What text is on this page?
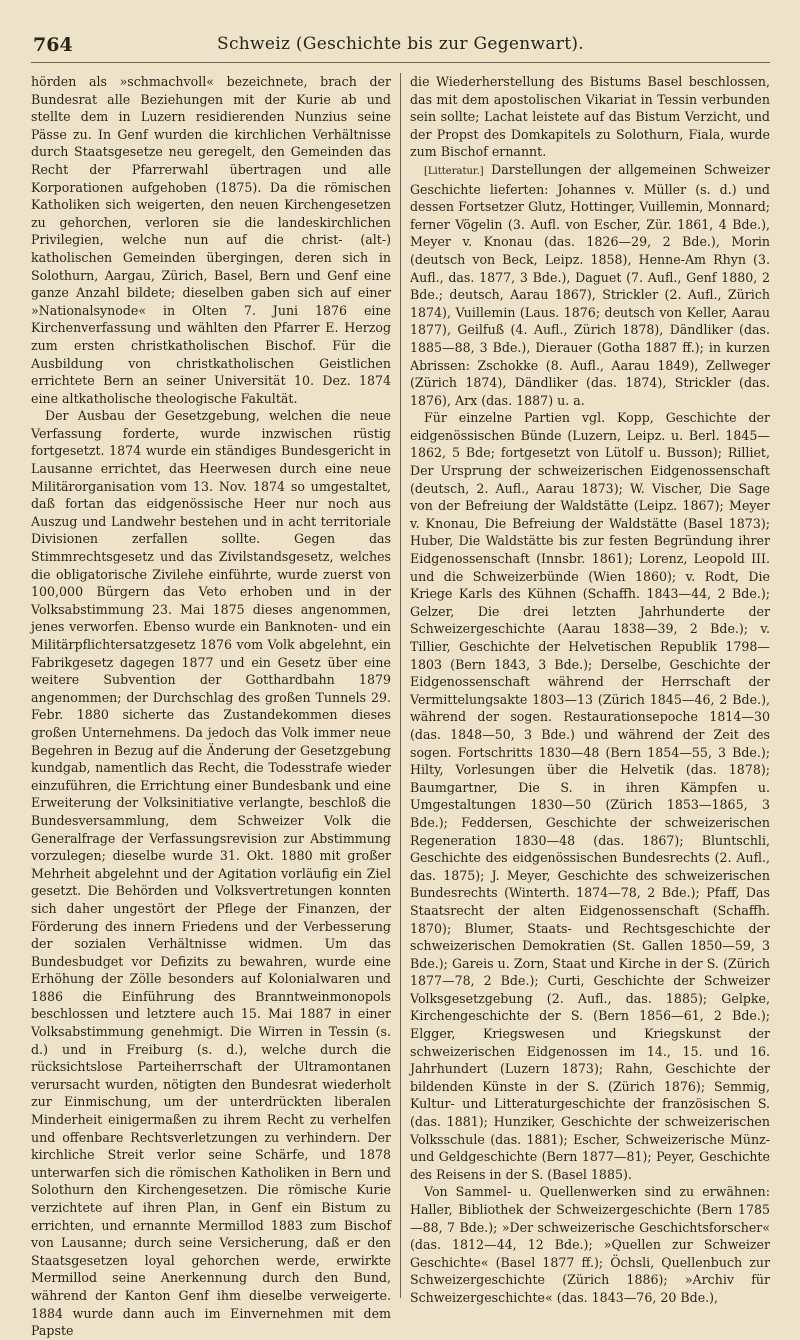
764	Schweiz (Geschichte bis zur Gegenwart).

hörden als »schmachvoll« bezeichnete, brach der Bundesrat alle Beziehungen mit der Kurie ab und stellte dem in Luzern residierenden Nunzius seine Pässe zu. In Genf wurden die kirchlichen Verhältnisse durch Staatsgesetze neu geregelt, den Gemeinden das Recht der Pfarrerwahl übertragen und alle Korporationen aufgehoben (1875). Da die römischen Katholiken sich weigerten, den neuen Kirchengesetzen zu gehorchen, verloren sie die landeskirchlichen Privilegien, welche nun auf die christ- (alt-) katholischen Gemeinden übergingen, deren sich in Solothurn, Aargau, Zürich, Basel, Bern und Genf eine ganze Anzahl bildete; dieselben gaben sich auf einer »Nationalsynode« in Olten 7. Juni 1876 eine Kirchenverfassung und wählten den Pfarrer E. Herzog zum ersten christkatholischen Bischof. Für die Ausbildung von christkatholischen Geistlichen errichtete Bern an seiner Universität 10. Dez. 1874 eine altkatholische theologische Fakultät.

Der Ausbau der Gesetzgebung, welchen die neue Verfassung forderte, wurde inzwischen rüstig fortgesetzt. 1874 wurde ein ständiges Bundesgericht in Lausanne errichtet, das Heerwesen durch eine neue Militärorganisation vom 13. Nov. 1874 so umgestaltet, daß fortan das eidgenössische Heer nur noch aus Auszug und Landwehr bestehen und in acht territoriale Divisionen zerfallen sollte. Gegen das Stimmrechtsgesetz und das Zivilstandsgesetz, welches die obligatorische Zivilehe einführte, wurde zuerst von 100,000 Bürgern das Veto erhoben und in der Volksabstimmung 23. Mai 1875 dieses angenommen, jenes verworfen. Ebenso wurde ein Banknoten- und ein Militärpflichtersatzgesetz 1876 vom Volk abgelehnt, ein Fabrikgesetz dagegen 1877 und ein Gesetz über eine weitere Subvention der Gotthardbahn 1879 angenommen; der Durchschlag des großen Tunnels 29. Febr. 1880 sicherte das Zustandekommen dieses großen Unternehmens. Da jedoch das Volk immer neue Begehren in Bezug auf die Änderung der Gesetzgebung kundgab, namentlich das Recht, die Todesstrafe wieder einzuführen, die Errichtung einer Bundesbank und eine Erweiterung der Volksinitiative verlangte, beschloß die Bundesversammlung, dem Schweizer Volk die Generalfrage der Verfassungsrevision zur Abstimmung vorzulegen; dieselbe wurde 31. Okt. 1880 mit großer Mehrheit abgelehnt und der Agitation vorläufig ein Ziel gesetzt. Die Behörden und Volksvertretungen konnten sich daher ungestört der Pflege der Finanzen, der Förderung des innern Friedens und der Verbesserung der sozialen Verhältnisse widmen. Um das Bundesbudget vor Defizits zu bewahren, wurde eine Erhöhung der Zölle besonders auf Kolonialwaren und 1886 die Einführung des Branntweinmonopols beschlossen und letztere auch 15. Mai 1887 in einer Volksabstimmung genehmigt. Die Wirren in Tessin (s. d.) und in Freiburg (s. d.), welche durch die rücksichtslose Parteiherrschaft der Ultramontanen verursacht wurden, nötigten den Bundesrat wiederholt zur Einmischung, um der unterdrückten liberalen Minderheit einigermaßen zu ihrem Recht zu verhelfen und offenbare Rechtsverletzungen zu verhindern. Der kirchliche Streit verlor seine Schärfe, und 1878 unterwarfen sich die römischen Katholiken in Bern und Solothurn den Kirchengesetzen. Die römische Kurie verzichtete auf ihren Plan, in Genf ein Bistum zu errichten, und ernannte Mermillod 1883 zum Bischof von Lausanne; durch seine Versicherung, daß er den Staatsgesetzen loyal gehorchen werde, erwirkte Mermillod seine Anerkennung durch den Bund, während der Kanton Genf ihm dieselbe verweigerte. 1884 wurde dann auch im Einvernehmen mit dem Papste

die Wiederherstellung des Bistums Basel beschlossen, das mit dem apostolischen Vikariat in Tessin verbunden sein sollte; Lachat leistete auf das Bistum Verzicht, und der Propst des Domkapitels zu Solothurn, Fiala, wurde zum Bischof ernannt.

[Litteratur.] Darstellungen der allgemeinen Schweizer Geschichte lieferten: Johannes v. Müller (s. d.) und dessen Fortsetzer Glutz, Hottinger, Vuillemin, Monnard; ferner Vögelin (3. Aufl. von Escher, Zür. 1861, 4 Bde.), Meyer v. Knonau (das. 1826—29, 2 Bde.), Morin (deutsch von Beck, Leipz. 1858), Henne-Am Rhyn (3. Aufl., das. 1877, 3 Bde.), Daguet (7. Aufl., Genf 1880, 2 Bde.; deutsch, Aarau 1867), Strickler (2. Aufl., Zürich 1874), Vuillemin (Laus. 1876; deutsch von Keller, Aarau 1877), Geilfuß (4. Aufl., Zürich 1878), Dändliker (das. 1885—88, 3 Bde.), Dierauer (Gotha 1887 ff.); in kurzen Abrissen: Zschokke (8. Aufl., Aarau 1849), Zellweger (Zürich 1874), Dändliker (das. 1874), Strickler (das. 1876), Arx (das. 1887) u. a.

Für einzelne Partien vgl. Kopp, Geschichte der eidgenössischen Bünde (Luzern, Leipz. u. Berl. 1845—1862, 5 Bde; fortgesetzt von Lütolf u. Busson); Rilliet, Der Ursprung der schweizerischen Eidgenossenschaft (deutsch, 2. Aufl., Aarau 1873); W. Vischer, Die Sage von der Befreiung der Waldstätte (Leipz. 1867); Meyer v. Knonau, Die Befreiung der Waldstätte (Basel 1873); Huber, Die Waldstätte bis zur festen Begründung ihrer Eidgenossenschaft (Innsbr. 1861); Lorenz, Leopold III. und die Schweizerbünde (Wien 1860); v. Rodt, Die Kriege Karls des Kühnen (Schaffh. 1843—44, 2 Bde.); Gelzer, Die drei letzten Jahrhunderte der Schweizergeschichte (Aarau 1838—39, 2 Bde.); v. Tillier, Geschichte der Helvetischen Republik 1798—1803 (Bern 1843, 3 Bde.); Derselbe, Geschichte der Eidgenossenschaft während der Herrschaft der Vermittelungsakte 1803—13 (Zürich 1845—46, 2 Bde.), während der sogen. Restaurationsepoche 1814—30 (das. 1848—50, 3 Bde.) und während der Zeit des sogen. Fortschritts 1830—48 (Bern 1854—55, 3 Bde.); Hilty, Vorlesungen über die Helvetik (das. 1878); Baumgartner, Die S. in ihren Kämpfen u. Umgestaltungen 1830—50 (Zürich 1853—1865, 3 Bde.); Feddersen, Geschichte der schweizerischen Regeneration 1830—48 (das. 1867); Bluntschli, Geschichte des eidgenössischen Bundesrechts (2. Aufl., das. 1875); J. Meyer, Geschichte des schweizerischen Bundesrechts (Winterth. 1874—78, 2 Bde.); Pfaff, Das Staatsrecht der alten Eidgenossenschaft (Schaffh. 1870); Blumer, Staats- und Rechtsgeschichte der schweizerischen Demokratien (St. Gallen 1850—59, 3 Bde.); Gareis u. Zorn, Staat und Kirche in der S. (Zürich 1877—78, 2 Bde.); Curti, Geschichte der Schweizer Volksgesetzgebung (2. Aufl., das. 1885); Gelpke, Kirchengeschichte der S. (Bern 1856—61, 2 Bde.); Elgger, Kriegswesen und Kriegskunst der schweizerischen Eidgenossen im 14., 15. und 16. Jahrhundert (Luzern 1873); Rahn, Geschichte der bildenden Künste in der S. (Zürich 1876); Semmig, Kultur- und Litteraturgeschichte der französischen S. (das. 1881); Hunziker, Geschichte der schweizerischen Volksschule (das. 1881); Escher, Schweizerische Münz- und Geldgeschichte (Bern 1877—81); Peyer, Geschichte des Reisens in der S. (Basel 1885).

Von Sammel- u. Quellenwerken sind zu erwähnen: Haller, Bibliothek der Schweizergeschichte (Bern 1785—88, 7 Bde.); »Der schweizerische Geschichtsforscher« (das. 1812—44, 12 Bde.); »Quellen zur Schweizer Geschichte« (Basel 1877 ff.); Öchsli, Quellenbuch zur Schweizergeschichte (Zürich 1886); »Archiv für Schweizergeschichte« (das. 1843—76, 20 Bde.),
